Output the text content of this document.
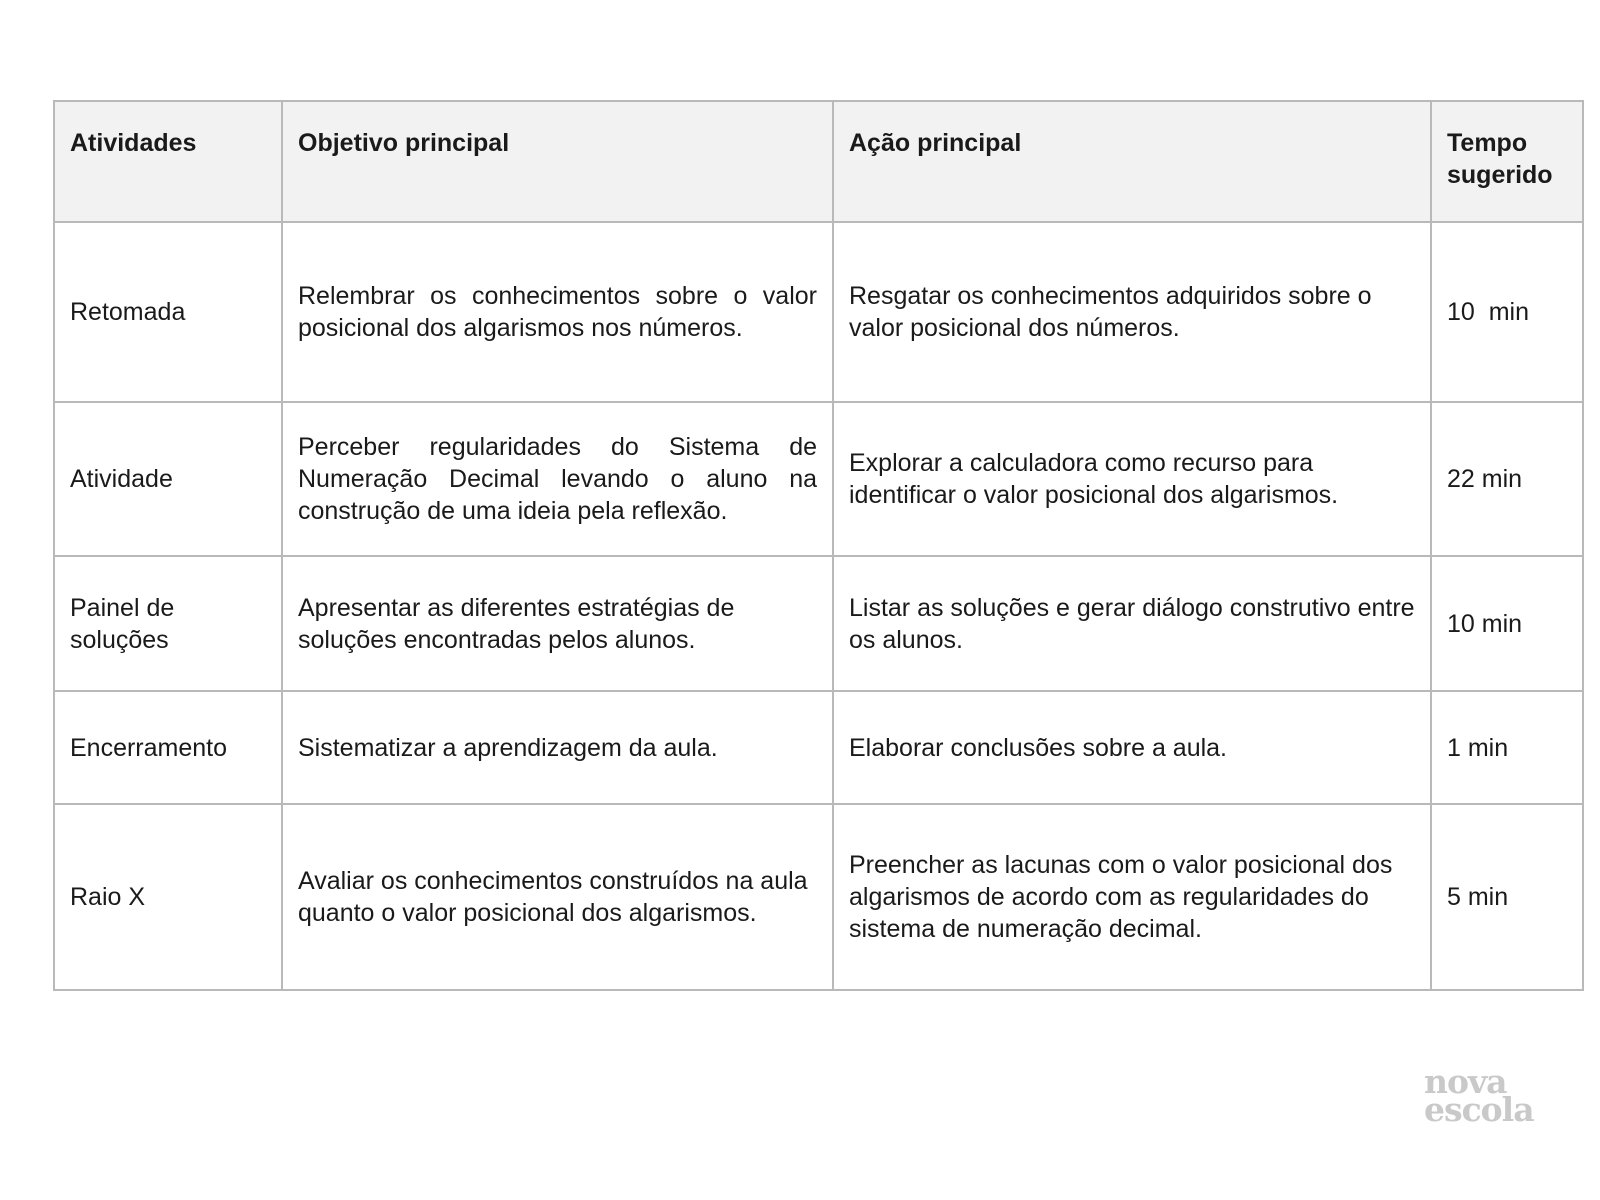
Atividades	Objetivo principal	Ação principal	Tempo sugerido
Retomada	Relembrar os conhecimentos sobre o valor posicional dos algarismos nos números.	Resgatar os conhecimentos adquiridos sobre o valor posicional dos números.	10  min
Atividade	Perceber regularidades do Sistema de Numeração Decimal levando o aluno na construção de uma ideia pela reflexão.	Explorar a calculadora como recurso para identificar o valor posicional dos algarismos.	22 min
Painel de soluções	Apresentar as diferentes estratégias de soluções encontradas pelos alunos.	Listar as soluções e gerar diálogo construtivo entre os alunos.	10 min
Encerramento	Sistematizar a aprendizagem da aula.	Elaborar conclusões sobre a aula.	1 min
Raio X	Avaliar os conhecimentos construídos na aula quanto o valor posicional dos algarismos.	Preencher as lacunas com o valor posicional dos algarismos de acordo com as regularidades do sistema de numeração decimal.	5 min
nova
escola
